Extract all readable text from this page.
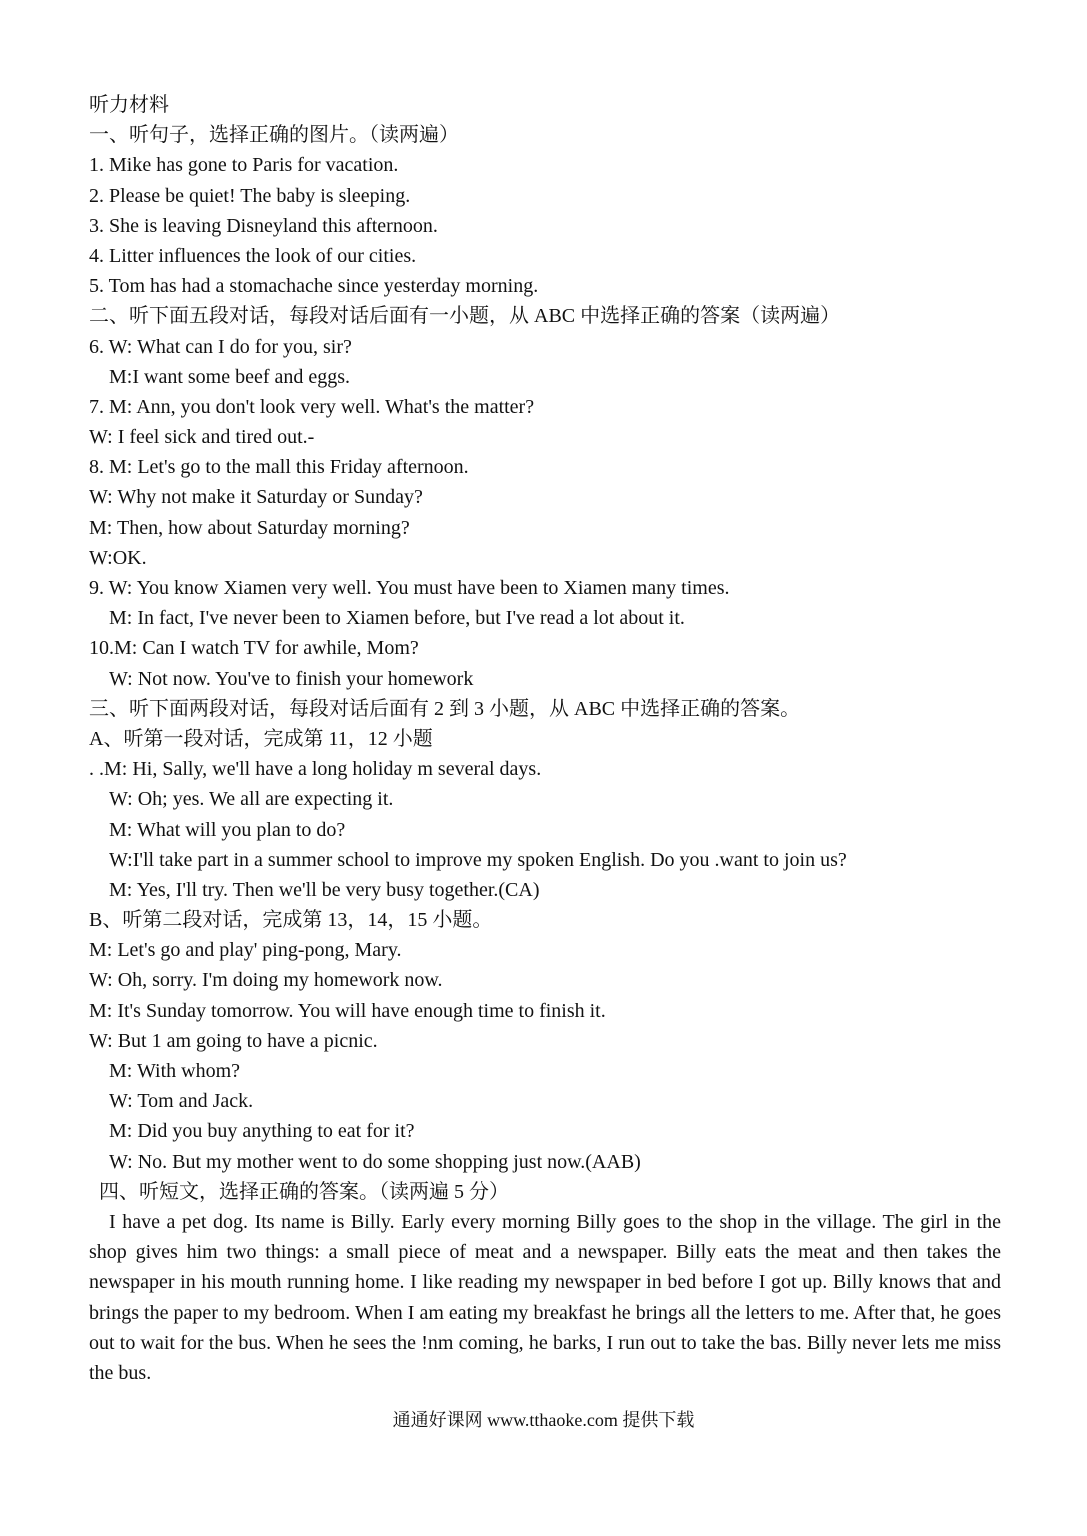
听力材料
一、听句子，选择正确的图片。（读两遍）
1. Mike has gone to Paris for vacation.
2. Please be quiet! The baby is sleeping.
3. She is leaving Disneyland this afternoon.
4. Litter influences the look of our cities.
5. Tom has had a stomachache since yesterday morning.
二、听下面五段对话，每段对话后面有一小题，从 ABC 中选择正确的答案（读两遍）
6. W: What can I do for you, sir?
M:I want some beef and eggs.
7. M: Ann, you don't look very well. What's the matter?
W: I feel sick and tired out.-
8. M: Let's go to the mall this Friday afternoon.
W: Why not make it Saturday or Sunday?
M: Then, how about Saturday morning?
W:OK.
9. W: You know Xiamen very well. You must have been to Xiamen many times.
M: In fact, I've never been to Xiamen before, but I've read a lot about it.
10.M: Can I watch TV for awhile, Mom?
W: Not now. You've to finish your homework
三、听下面两段对话，每段对话后面有 2 到 3 小题，从 ABC 中选择正确的答案。
A、听第一段对话，完成第 11，12 小题
. .M: Hi, Sally, we'll have a long holiday m several days.
W: Oh; yes. We all are expecting it.
M: What will you plan to do?
W:I'll take part in a summer school to improve my spoken English. Do you .want to join us?
M: Yes, I'll try. Then we'll be very busy together.(CA)
B、听第二段对话，完成第 13，14，15 小题。
M: Let's go and play' ping-pong, Mary.
W: Oh, sorry. I'm doing my homework now.
M: It's Sunday tomorrow. You will have enough time to finish it.
W: But 1 am going to have a picnic.
M: With whom?
W: Tom and Jack.
M: Did you buy anything to eat for it?
W: No. But my mother went to do some shopping just now.(AAB)
四、听短文，选择正确的答案。（读两遍 5 分）
I have a pet dog. Its name is Billy. Early every morning Billy goes to the shop in the village. The girl in the shop gives him two things: a small piece of meat and a newspaper. Billy eats the meat and then takes the newspaper in his mouth running home. I like reading my newspaper in bed before I got up. Billy knows that and brings the paper to my bedroom. When I am eating my breakfast he brings all the letters to me. After that, he goes out to wait for the bus. When he sees the !nm coming, he barks, I run out to take the bas. Billy never lets me miss the bus.
通通好课网 www.tthaoke.com 提供下载
